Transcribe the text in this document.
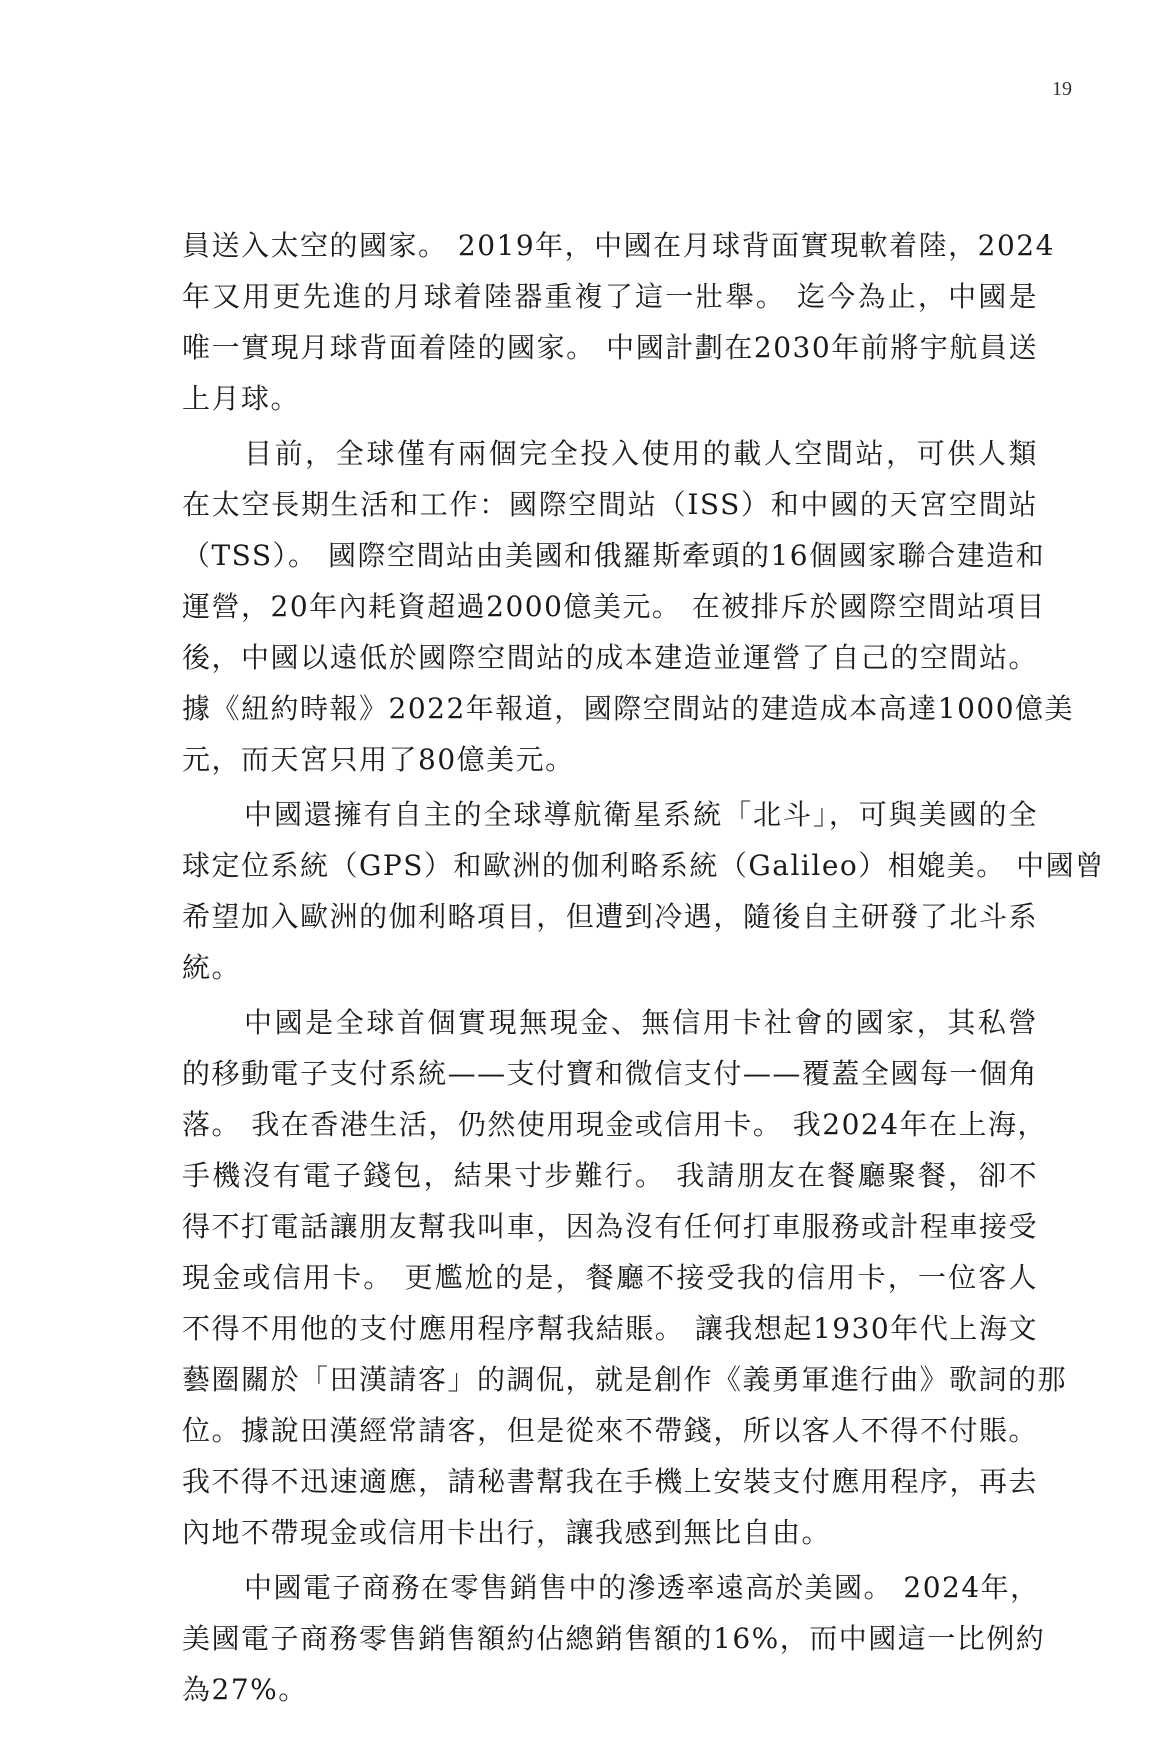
19
員送入太空的國家。 2019年，中國在月球背面實現軟着陸，2024
年又用更先進的月球着陸器重複了這一壯舉。 迄今為止，中國是
唯一實現月球背面着陸的國家。 中國計劃在2030年前將宇航員送
上月球。
目前，全球僅有兩個完全投入使用的載人空間站，可供人類
在太空長期生活和工作：國際空間站（ISS）和中國的天宮空間站
（TSS）。 國際空間站由美國和俄羅斯牽頭的16個國家聯合建造和
運營，20年內耗資超過2000億美元。 在被排斥於國際空間站項目
後，中國以遠低於國際空間站的成本建造並運營了自己的空間站。
據《紐約時報》2022年報道，國際空間站的建造成本高達1000億美
元，而天宮只用了80億美元。
中國還擁有自主的全球導航衛星系統「北斗」，可與美國的全
球定位系統（GPS）和歐洲的伽利略系統（Galileo）相媲美。 中國曾
希望加入歐洲的伽利略項目，但遭到冷遇，隨後自主研發了北斗系
統。
中國是全球首個實現無現金、無信用卡社會的國家，其私營
的移動電子支付系統——支付寶和微信支付——覆蓋全國每一個角
落。 我在香港生活，仍然使用現金或信用卡。 我2024年在上海，
手機沒有電子錢包，結果寸步難行。 我請朋友在餐廳聚餐，卻不
得不打電話讓朋友幫我叫車，因為沒有任何打車服務或計程車接受
現金或信用卡。 更尷尬的是，餐廳不接受我的信用卡，一位客人
不得不用他的支付應用程序幫我結賬。 讓我想起1930年代上海文
藝圈關於「田漢請客」的調侃，就是創作《義勇軍進行曲》歌詞的那
位。據說田漢經常請客，但是從來不帶錢，所以客人不得不付賬。
我不得不迅速適應，請秘書幫我在手機上安裝支付應用程序，再去
內地不帶現金或信用卡出行，讓我感到無比自由。
中國電子商務在零售銷售中的滲透率遠高於美國。 2024年，
美國電子商務零售銷售額約佔總銷售額的16%，而中國這一比例約
為27%。
